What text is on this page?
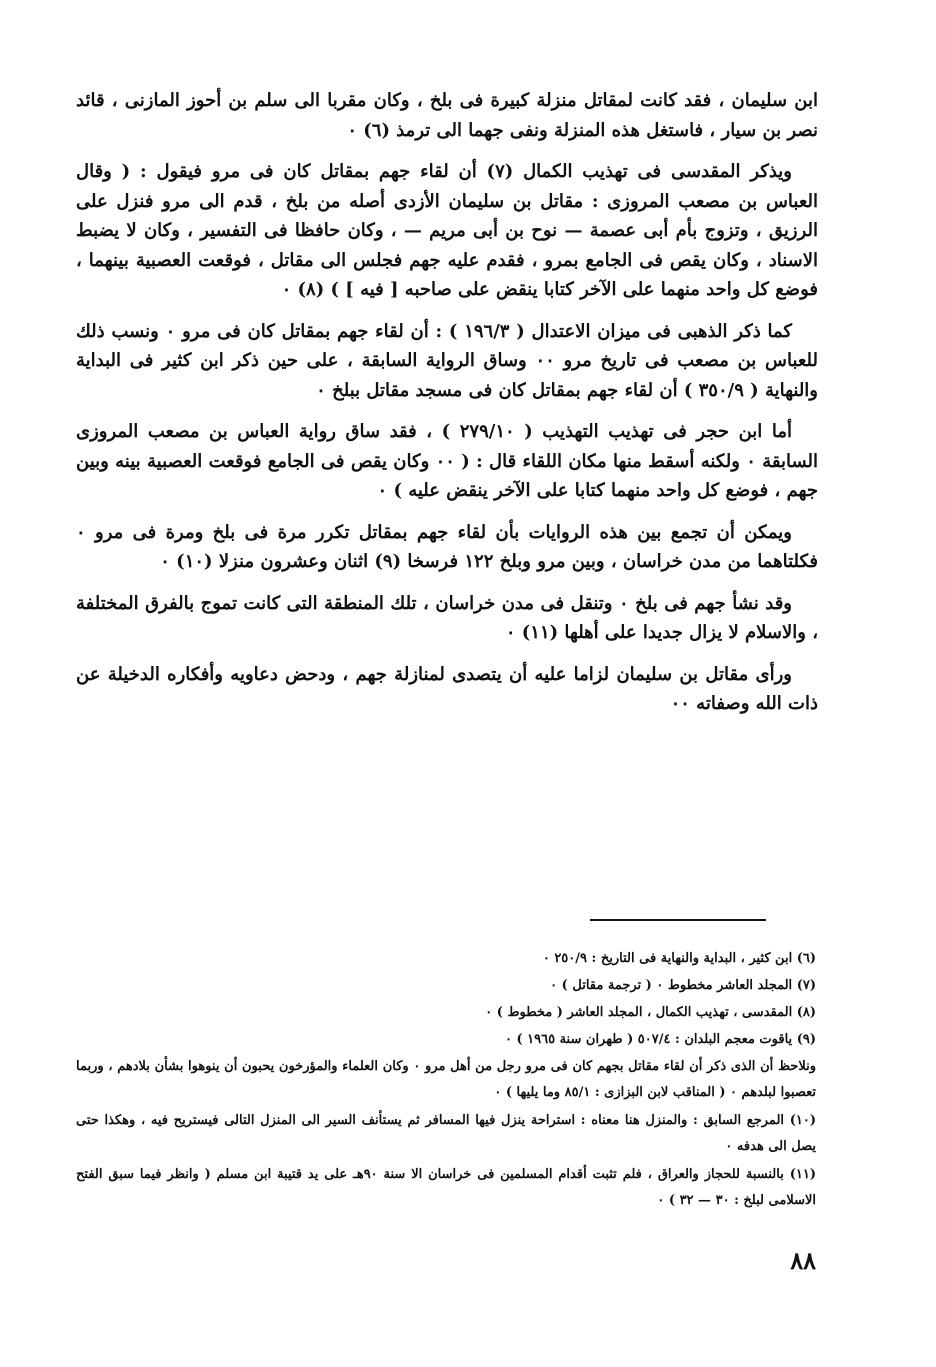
ابن سليمان ، فقد كانت لمقاتل منزلة كبيرة فى بلخ ، وكان مقربا الى سلم بن أحوز المازنى ، قائد نصر بن سيار ، فاستغل هذه المنزلة ونفى جهما الى ترمذ (٦) ٠

ويذكر المقدسى فى تهذيب الكمال (٧) أن لقاء جهم بمقاتل كان فى مرو فيقول : ( وقال العباس بن مصعب المروزى : مقاتل بن سليمان الأزدى أصله من بلخ ، قدم الى مرو فنزل على الرزيق ، وتزوج بأم أبى عصمة — نوح بن أبى مريم — ، وكان حافظا فى التفسير ، وكان لا يضبط الاسناد ، وكان يقص فى الجامع بمرو ، فقدم عليه جهم فجلس الى مقاتل ، فوقعت العصبية بينهما ، فوضع كل واحد منهما على الآخر كتابا ينقض على صاحبه [ فيه ] ) (٨) ٠

كما ذكر الذهبى فى ميزان الاعتدال ( ١٩٦/٣ ) : أن لقاء جهم بمقاتل كان فى مرو ٠ ونسب ذلك للعباس بن مصعب فى تاريخ مرو ٠٠ وساق الرواية السابقة ، على حين ذكر ابن كثير فى البداية والنهاية ( ٣٥٠/٩ ) أن لقاء جهم بمقاتل كان فى مسجد مقاتل ببلخ ٠

أما ابن حجر فى تهذيب التهذيب ( ٢٧٩/١٠ ) ، فقد ساق رواية العباس بن مصعب المروزى السابقة ٠ ولكنه أسقط منها مكان اللقاء قال : ( ٠٠ وكان يقص فى الجامع فوقعت العصبية بينه وبين جهم ، فوضع كل واحد منهما كتابا على الآخر ينقض عليه ) ٠

ويمكن أن تجمع بين هذه الروايات بأن لقاء جهم بمقاتل تكرر مرة فى بلخ ومرة فى مرو ٠ فكلتاهما من مدن خراسان ، وبين مرو وبلخ ١٢٢ فرسخا (٩) اثنان وعشرون منزلا (١٠) ٠

وقد نشأ جهم فى بلخ ٠ وتنقل فى مدن خراسان ، تلك المنطقة التى كانت تموج بالفرق المختلفة ، والاسلام لا يزال جديدا على أهلها (١١) ٠

ورأى مقاتل بن سليمان لزاما عليه أن يتصدى لمنازلة جهم ، ودحض دعاويه وأفكاره الدخيلة عن ذات الله وصفاته ٠٠

(٦) ابن كثير ، البداية والنهاية فى التاريخ : ٢٥٠/٩ ٠

(٧) المجلد العاشر مخطوط ٠ ( ترجمة مقاتل ) ٠

(٨) المقدسى ، تهذيب الكمال ، المجلد العاشر ( مخطوط ) ٠

(٩) ياقوت معجم البلدان : ٥٠٧/٤ ( طهران سنة ١٩٦٥ ) ٠

ونلاحظ أن الذى ذكر أن لقاء مقاتل بجهم كان فى مرو رجل من أهل مرو ٠ وكان العلماء والمؤرخون يحبون أن ينوهوا بشأن بلادهم ، وربما تعصبوا لبلدهم ٠ ( المناقب لابن البزازى : ٨٥/١ وما يليها ) ٠

(١٠) المرجع السابق : والمنزل هنا معناه : استراحة ينزل فيها المسافر ثم يستأنف السير الى المنزل التالى فيستريح فيه ، وهكذا حتى يصل الى هدفه ٠

(١١) بالنسبة للحجاز والعراق ، فلم تثبت أقدام المسلمين فى خراسان الا سنة ٩٠هـ على يد قتيبة ابن مسلم ( وانظر فيما سبق الفتح الاسلامى لبلخ : ٣٠ — ٣٢ ) ٠

٨٨
